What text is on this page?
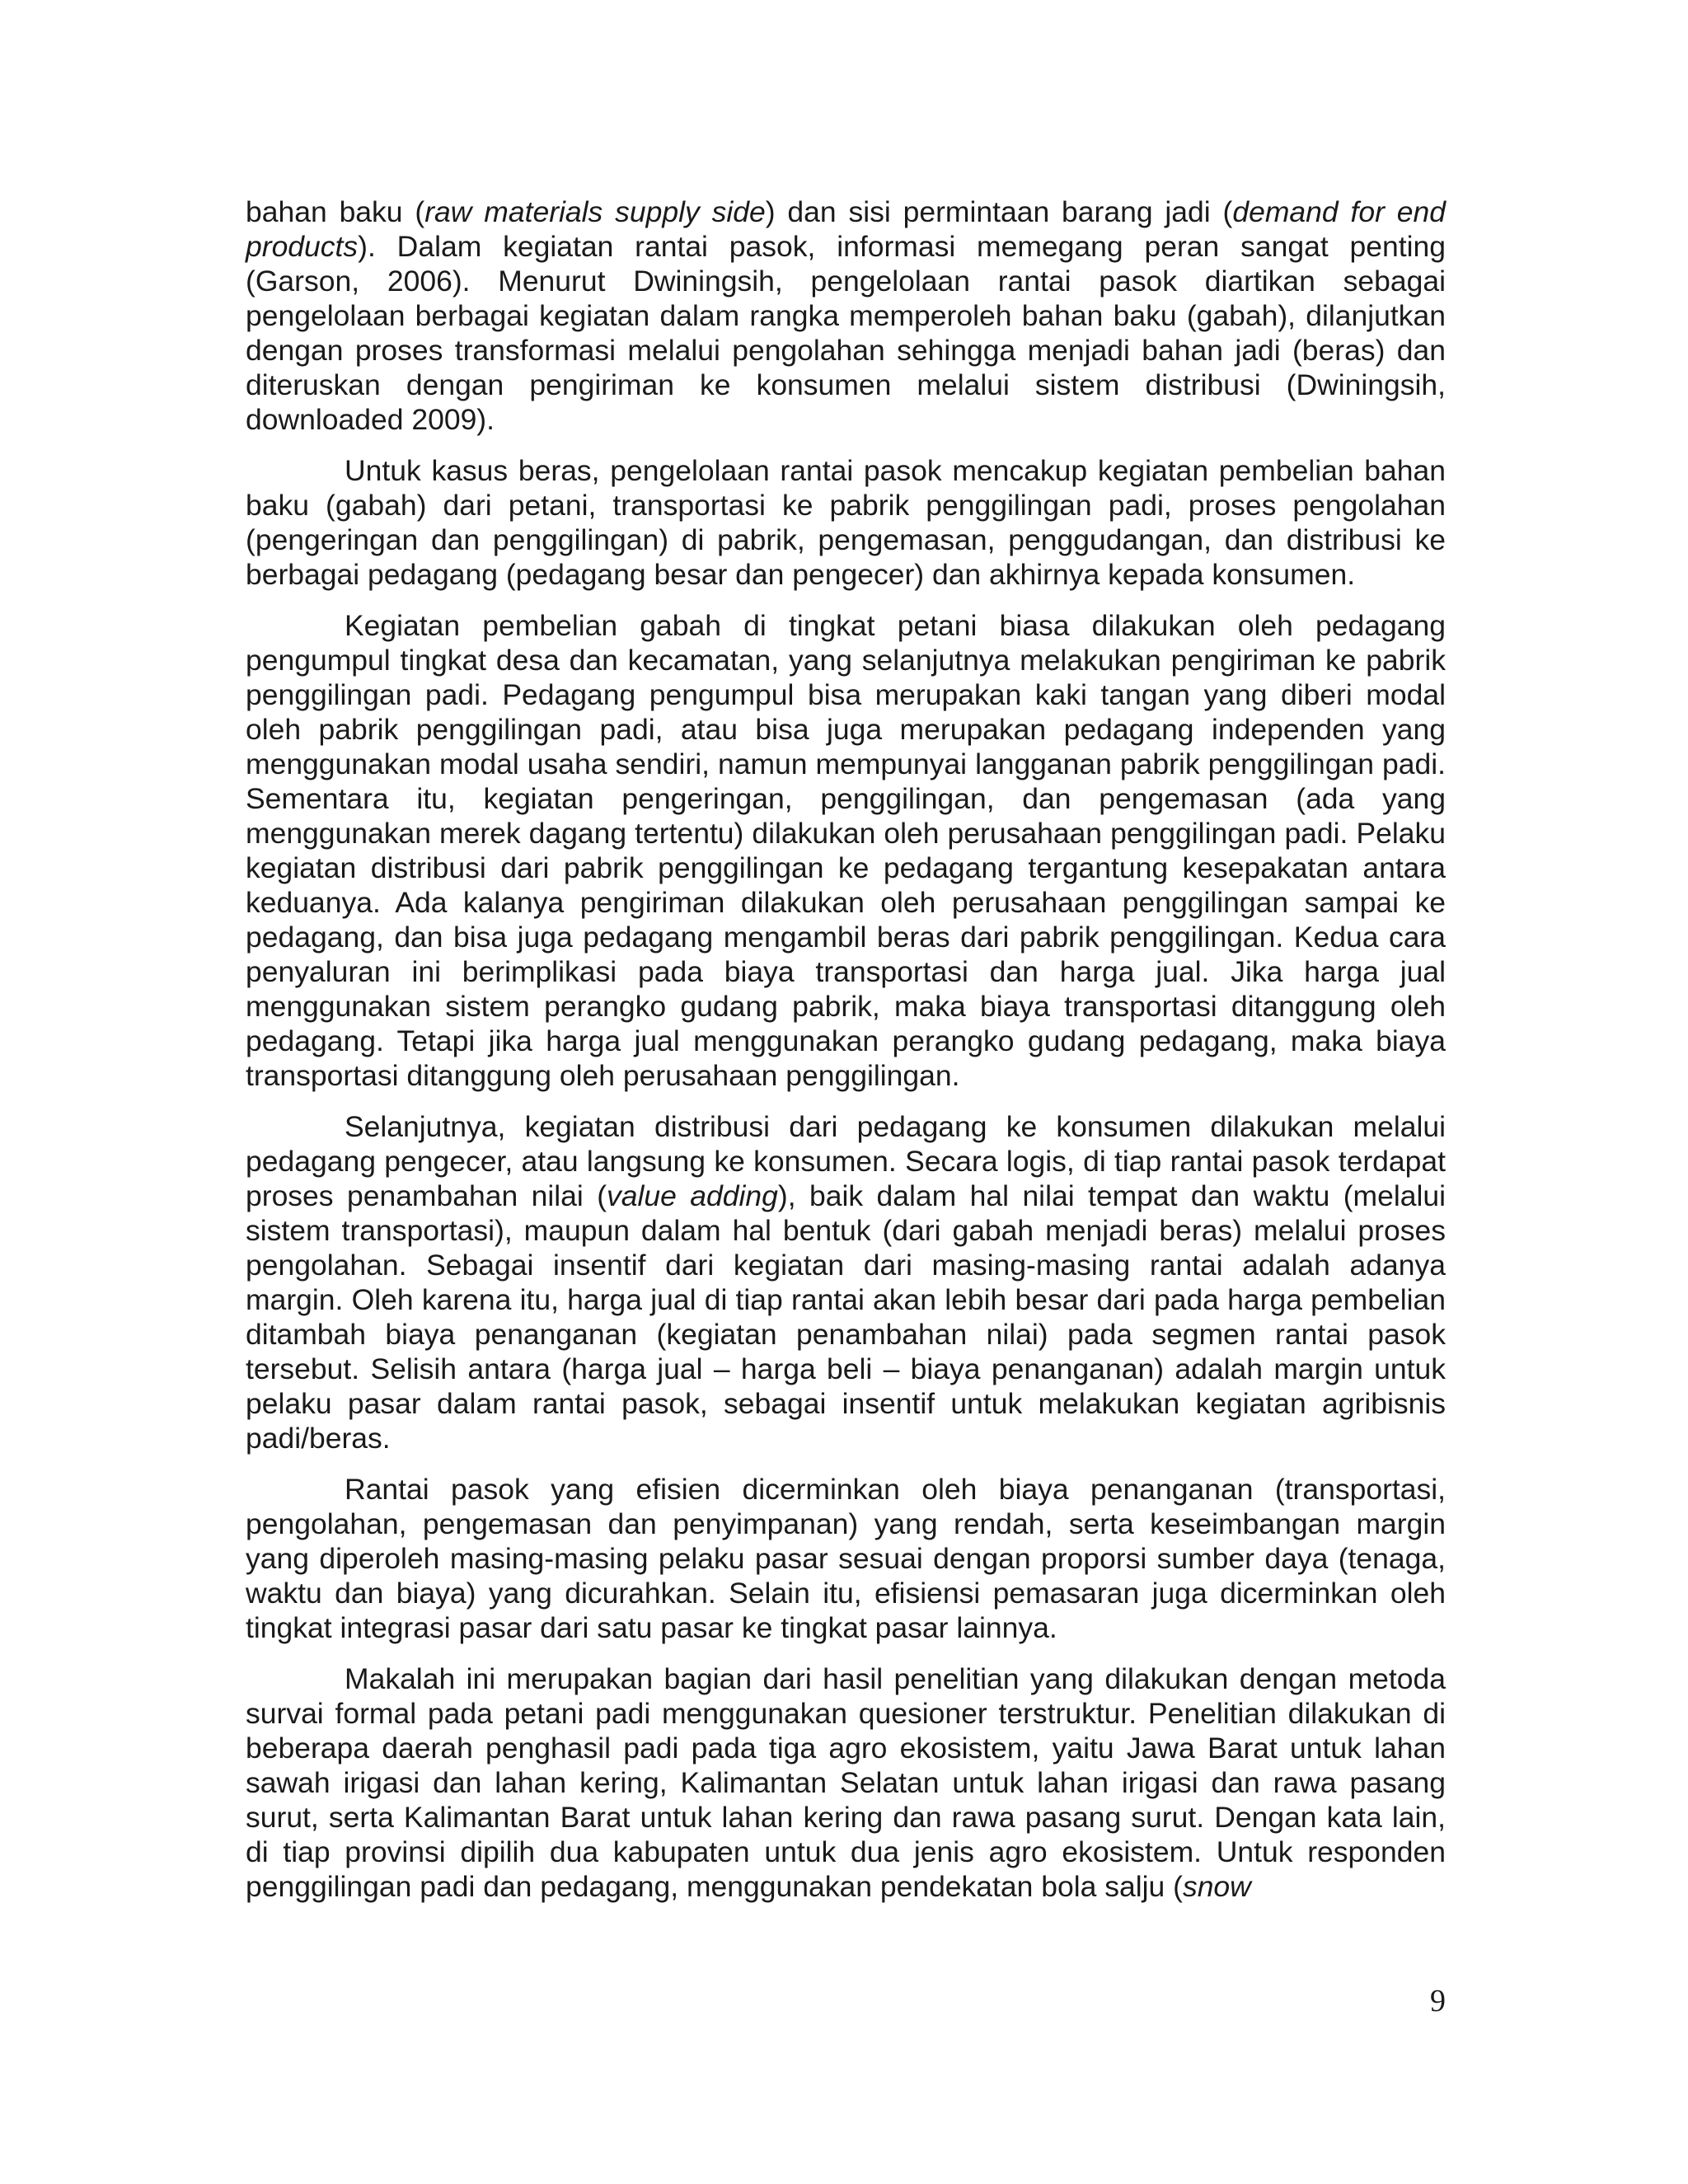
bahan baku (raw materials supply side) dan sisi permintaan barang jadi (demand for end products). Dalam kegiatan rantai pasok, informasi memegang peran sangat penting (Garson, 2006). Menurut Dwiningsih, pengelolaan rantai pasok diartikan sebagai pengelolaan berbagai kegiatan dalam rangka memperoleh bahan baku (gabah), dilanjutkan dengan proses transformasi melalui pengolahan sehingga menjadi bahan jadi (beras) dan diteruskan dengan pengiriman ke konsumen melalui sistem distribusi (Dwiningsih, downloaded 2009).

Untuk kasus beras, pengelolaan rantai pasok mencakup kegiatan pembelian bahan baku (gabah) dari petani, transportasi ke pabrik penggilingan padi, proses pengolahan (pengeringan dan penggilingan) di pabrik, pengemasan, penggudangan, dan distribusi ke berbagai pedagang (pedagang besar dan pengecer) dan akhirnya kepada konsumen.

Kegiatan pembelian gabah di tingkat petani biasa dilakukan oleh pedagang pengumpul tingkat desa dan kecamatan, yang selanjutnya melakukan pengiriman ke pabrik penggilingan padi. Pedagang pengumpul bisa merupakan kaki tangan yang diberi modal oleh pabrik penggilingan padi, atau bisa juga merupakan pedagang independen yang menggunakan modal usaha sendiri, namun mempunyai langganan pabrik penggilingan padi. Sementara itu, kegiatan pengeringan, penggilingan, dan pengemasan (ada yang menggunakan merek dagang tertentu) dilakukan oleh perusahaan penggilingan padi. Pelaku kegiatan distribusi dari pabrik penggilingan ke pedagang tergantung kesepakatan antara keduanya. Ada kalanya pengiriman dilakukan oleh perusahaan penggilingan sampai ke pedagang, dan bisa juga pedagang mengambil beras dari pabrik penggilingan. Kedua cara penyaluran ini berimplikasi pada biaya transportasi dan harga jual. Jika harga jual menggunakan sistem perangko gudang pabrik, maka biaya transportasi ditanggung oleh pedagang. Tetapi jika harga jual menggunakan perangko gudang pedagang, maka biaya transportasi ditanggung oleh perusahaan penggilingan.

Selanjutnya, kegiatan distribusi dari pedagang ke konsumen dilakukan melalui pedagang pengecer, atau langsung ke konsumen. Secara logis, di tiap rantai pasok terdapat proses penambahan nilai (value adding), baik dalam hal nilai tempat dan waktu (melalui sistem transportasi), maupun dalam hal bentuk (dari gabah menjadi beras) melalui proses pengolahan. Sebagai insentif dari kegiatan dari masing-masing rantai adalah adanya margin. Oleh karena itu, harga jual di tiap rantai akan lebih besar dari pada harga pembelian ditambah biaya penanganan (kegiatan penambahan nilai) pada segmen rantai pasok tersebut. Selisih antara (harga jual – harga beli – biaya penanganan) adalah margin untuk pelaku pasar dalam rantai pasok, sebagai insentif untuk melakukan kegiatan agribisnis padi/beras.

Rantai pasok yang efisien dicerminkan oleh biaya penanganan (transportasi, pengolahan, pengemasan dan penyimpanan) yang rendah, serta keseimbangan margin yang diperoleh masing-masing pelaku pasar sesuai dengan proporsi sumber daya (tenaga, waktu dan biaya) yang dicurahkan. Selain itu, efisiensi pemasaran juga dicerminkan oleh tingkat integrasi pasar dari satu pasar ke tingkat pasar lainnya.

Makalah ini merupakan bagian dari hasil penelitian yang dilakukan dengan metoda survai formal pada petani padi menggunakan quesioner terstruktur. Penelitian dilakukan di beberapa daerah penghasil padi pada tiga agro ekosistem, yaitu Jawa Barat untuk lahan sawah irigasi dan lahan kering, Kalimantan Selatan untuk lahan irigasi dan rawa pasang surut, serta Kalimantan Barat untuk lahan kering dan rawa pasang surut. Dengan kata lain, di tiap provinsi dipilih dua kabupaten untuk dua jenis agro ekosistem. Untuk responden penggilingan padi dan pedagang, menggunakan pendekatan bola salju (snow

9
